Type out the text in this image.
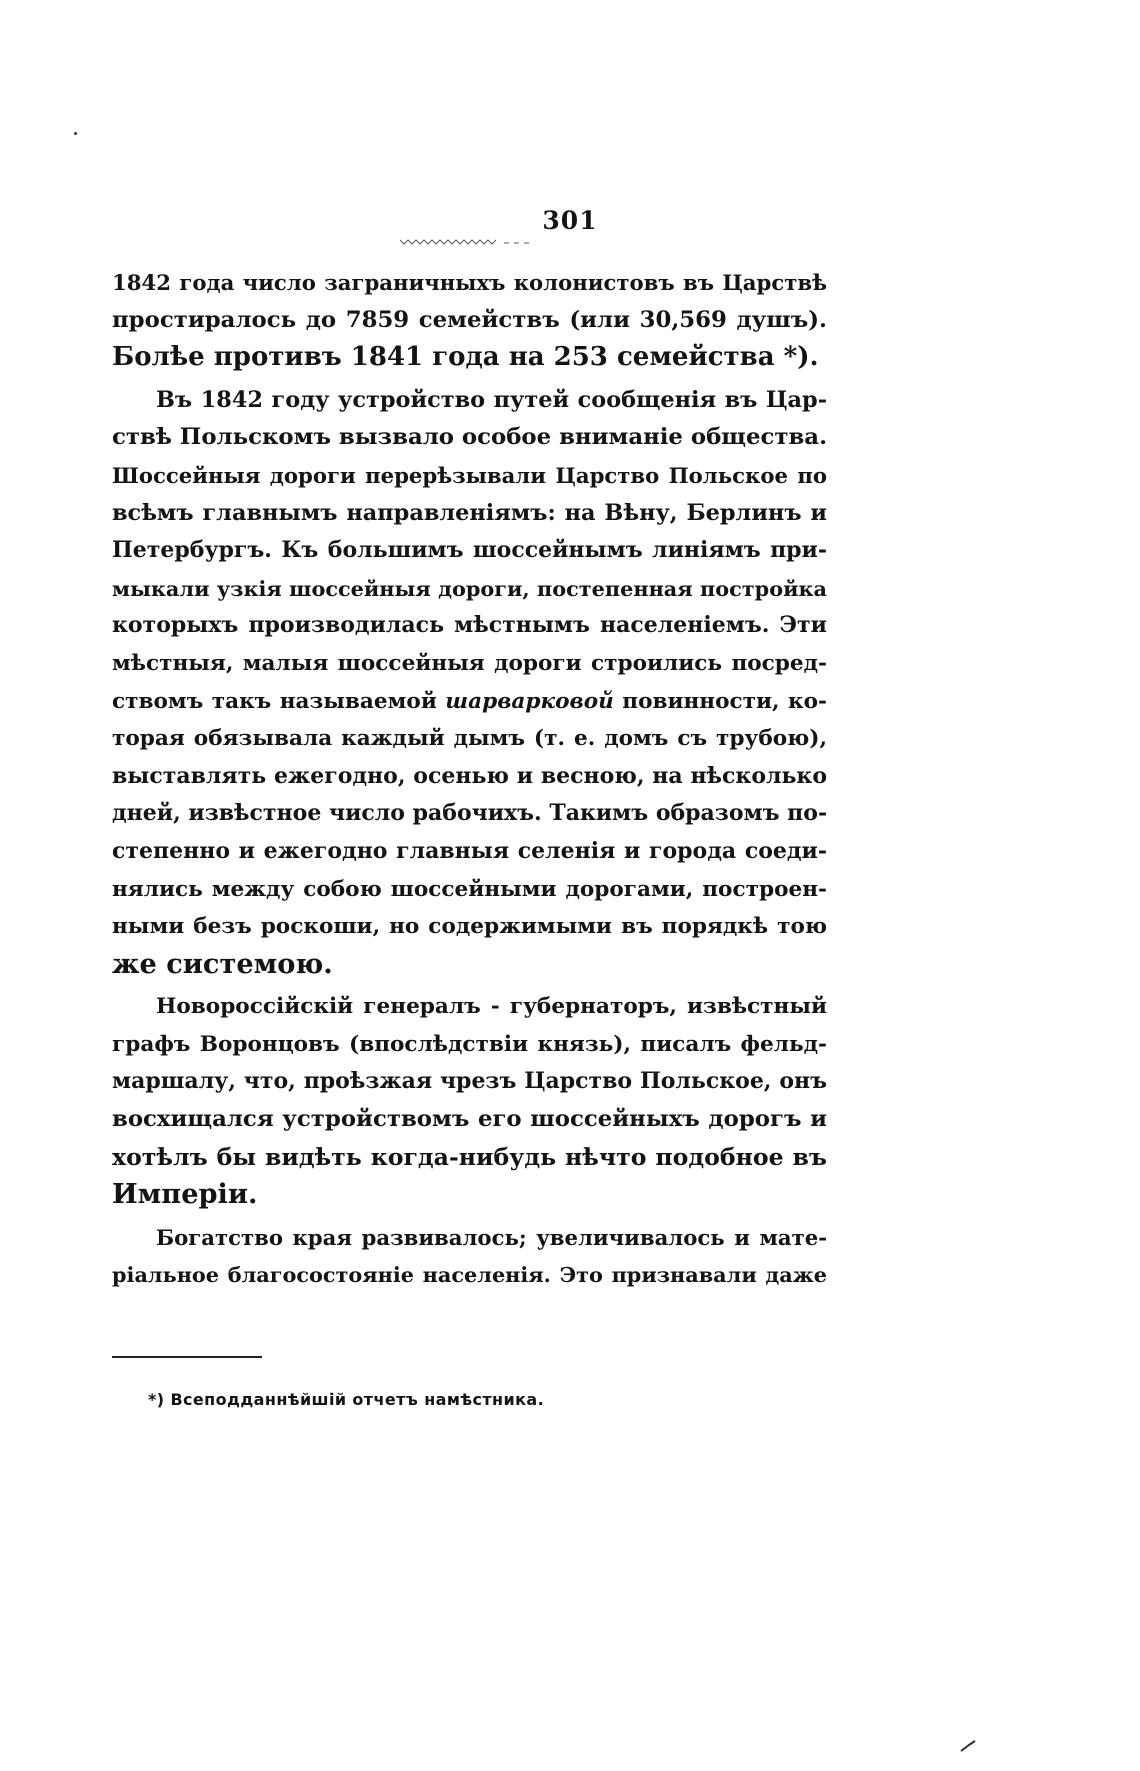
301
1842 года число заграничныхъ колонистовъ въ Царствѣ
простиралось до 7859 семействъ (или 30,569 душъ).
Болѣе противъ 1841 года на 253 семейства *).
Въ 1842 году устройство путей сообщенія въ Цар-
ствѣ Польскомъ вызвало особое вниманіе общества.
Шоссейныя дороги перерѣзывали Царство Польское по
всѣмъ главнымъ направленіямъ: на Вѣну, Берлинъ и
Петербургъ. Къ большимъ шоссейнымъ линіямъ при-
мыкали узкія шоссейныя дороги, постепенная постройка
которыхъ производилась мѣстнымъ населеніемъ. Эти
мѣстныя, малыя шоссейныя дороги строились посред-
ствомъ такъ называемой шарварковой повинности, ко-
торая обязывала каждый дымъ (т. е. домъ съ трубою),
выставлять ежегодно, осенью и весною, на нѣсколько
дней, извѣстное число рабочихъ. Такимъ образомъ по-
степенно и ежегодно главныя селенія и города соеди-
нялись между собою шоссейными дорогами, построен-
ными безъ роскоши, но содержимыми въ порядкѣ тою
же системою.
Новороссійскій генералъ - губернаторъ, извѣстный
графъ Воронцовъ (впослѣдствіи князь), писалъ фельд-
маршалу, что, проѣзжая чрезъ Царство Польское, онъ
восхищался устройствомъ его шоссейныхъ дорогъ и
хотѣлъ бы видѣть когда-нибудь нѣчто подобное въ
Имперіи.
Богатство края развивалось; увеличивалось и мате-
ріальное благосостояніе населенія. Это признавали даже
*) Всеподданнѣйшій отчетъ намѣстника.
